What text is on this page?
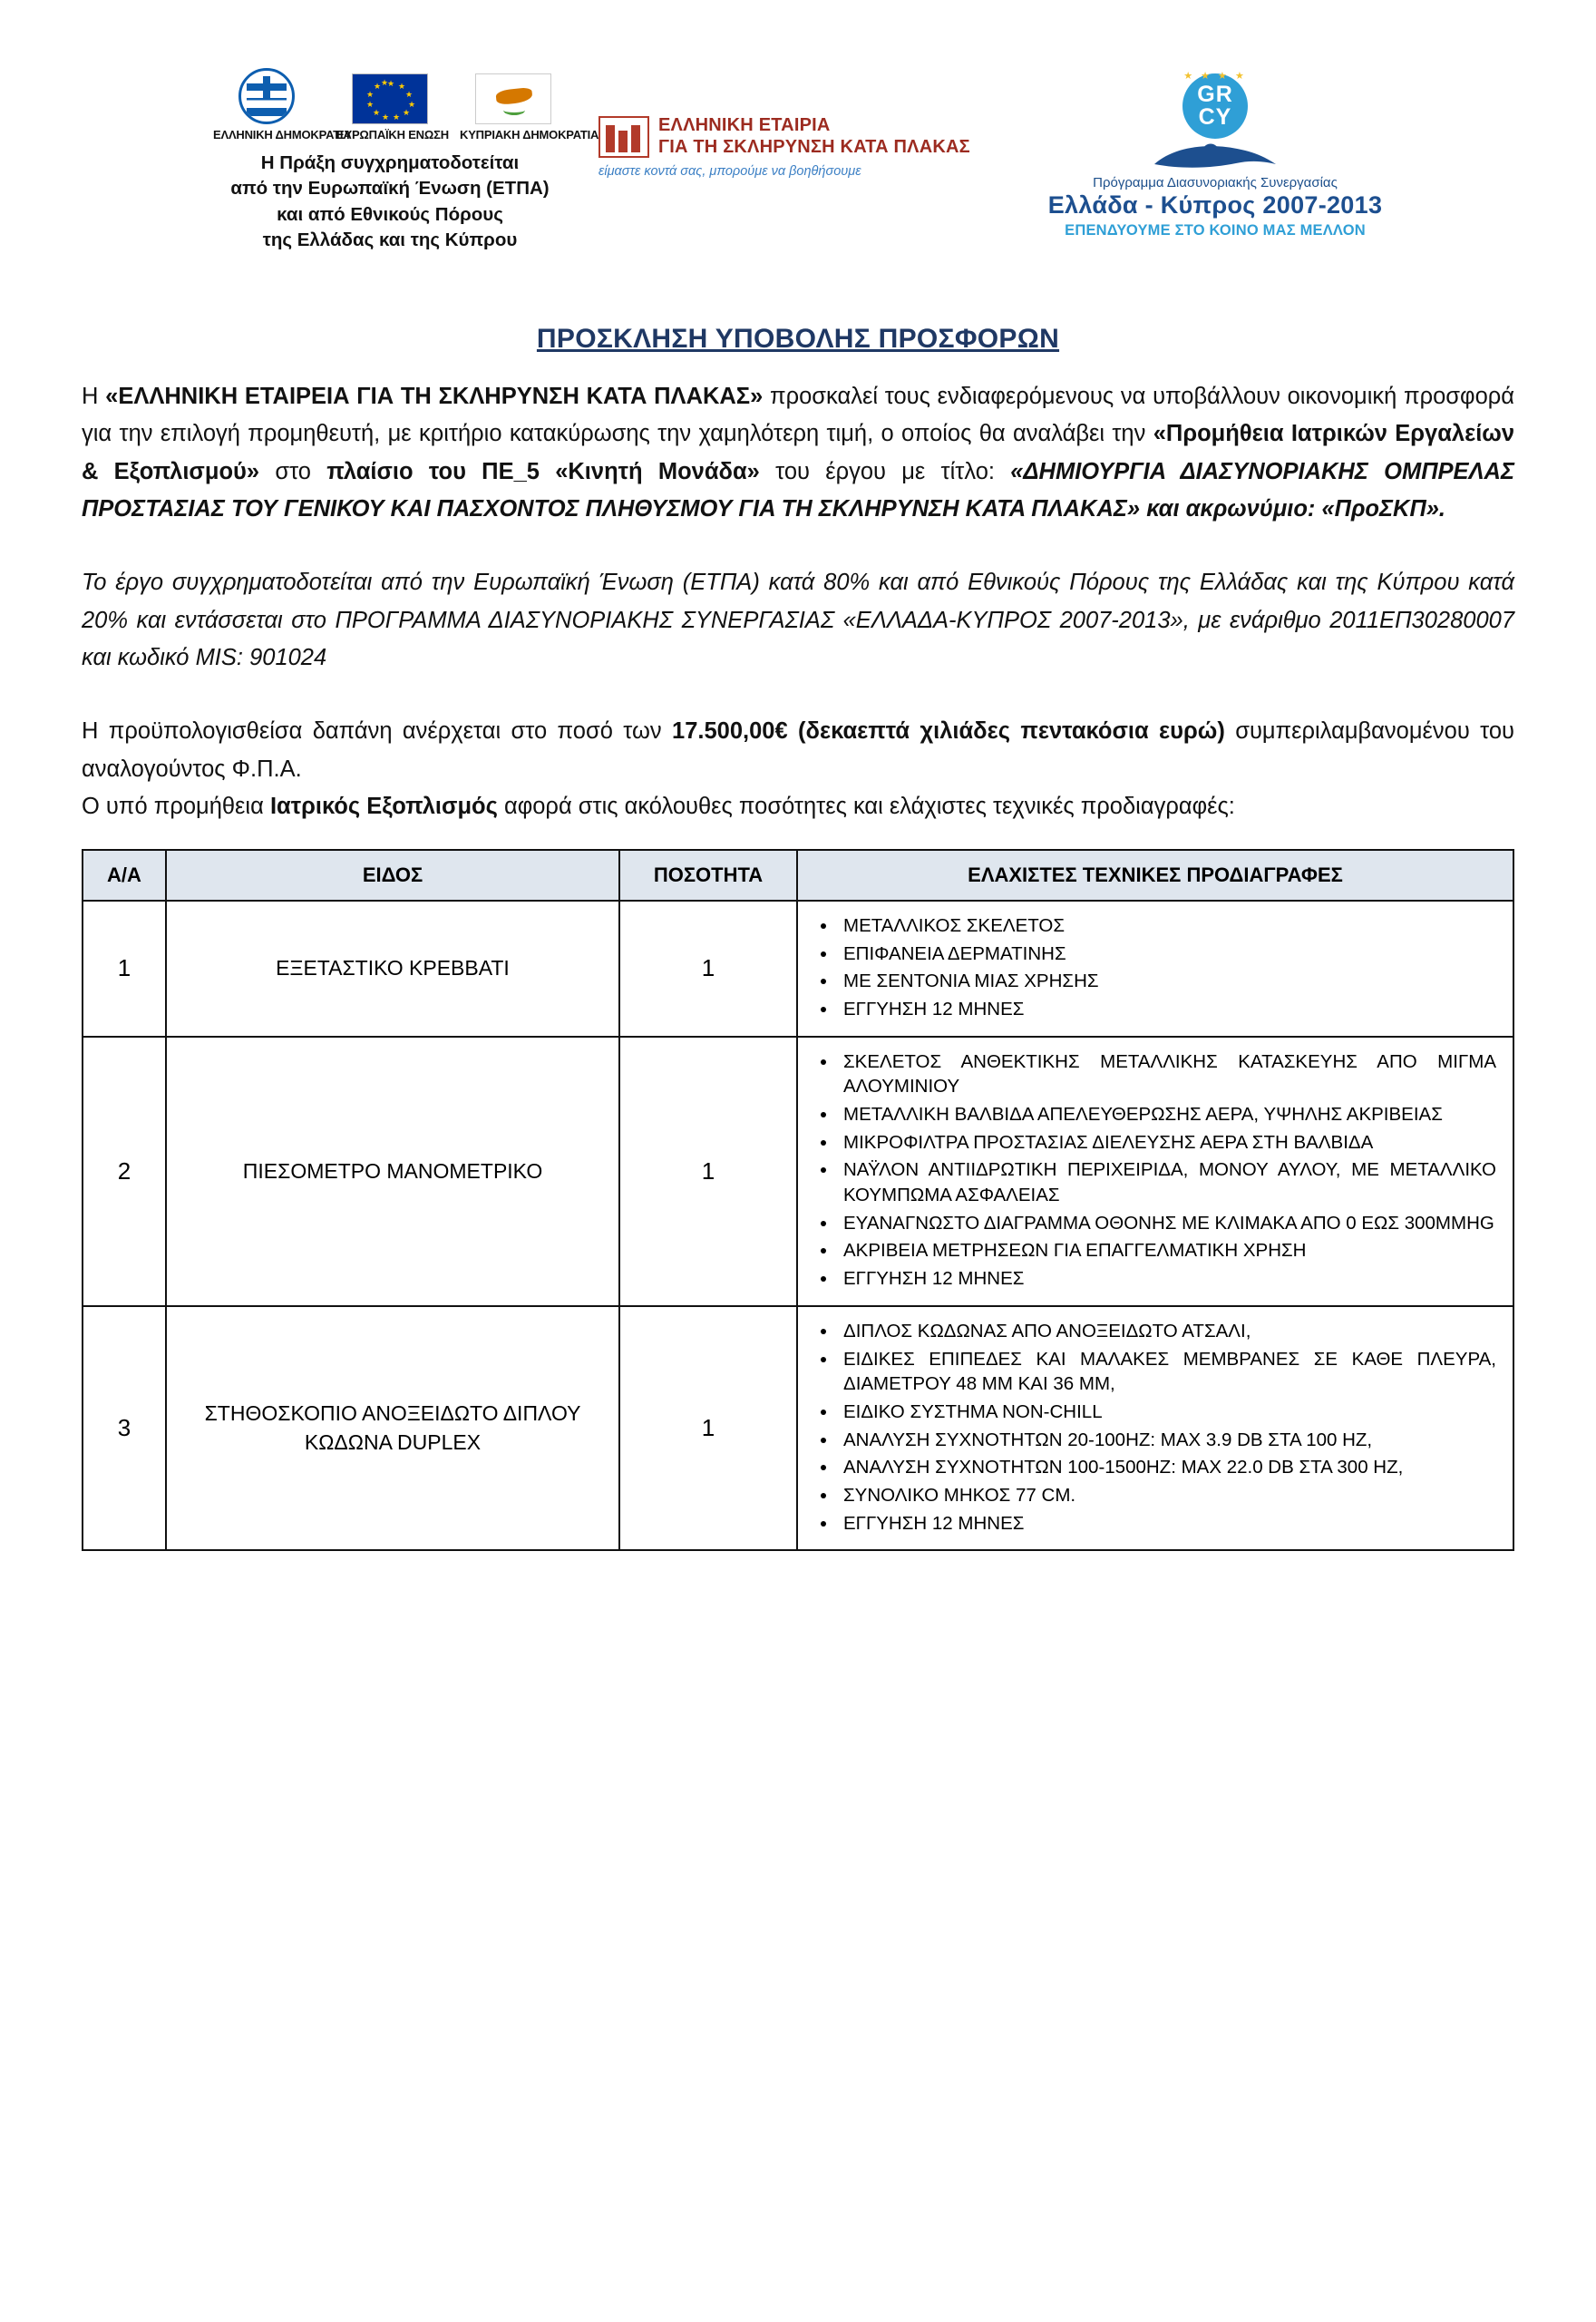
ΕΛΛΗΝΙΚΗ ΔΗΜΟΚΡΑΤΙΑ
★ ★
★
★
★
★
★
★
★
★
★ ★
ΕΥΡΩΠΑΪΚΗ ΕΝΩΣΗ ΚΥΠΡΙΑΚΗ ΔΗΜΟΚΡΑΤΙΑ
Η Πράξη συγχρηματοδοτείται
από την Ευρωπαϊκή Ένωση (ΕΤΠΑ)
και από Εθνικούς Πόρους
της Ελλάδας και της Κύπρου
ΕΛΛΗΝΙΚΗ ΕΤΑΙΡΙΑ
ΓΙΑ ΤΗ ΣΚΛΗΡΥΝΣΗ ΚΑΤΑ ΠΛΑΚΑΣ
είμαστε κοντά σας, μπορούμε να βοηθήσουμε
★ ★ ★ ★
GR
CY
Πρόγραμμα Διασυνοριακής Συνεργασίας
Ελλάδα - Κύπρος 2007-2013
ΕΠΕΝΔΥΟΥΜΕ ΣΤΟ ΚΟΙΝΟ ΜΑΣ ΜΕΛΛΟΝ
ΠΡΟΣΚΛΗΣΗ ΥΠΟΒΟΛΗΣ ΠΡΟΣΦΟΡΩΝ

Η «ΕΛΛΗΝΙΚΗ ΕΤΑΙΡΕΙΑ ΓΙΑ ΤΗ ΣΚΛΗΡΥΝΣΗ ΚΑΤΑ ΠΛΑΚΑΣ» προσκαλεί τους ενδιαφερόμενους να υποβάλλουν οικονομική προσφορά για την επιλογή προμηθευτή, με κριτήριο κατακύρωσης την χαμηλότερη τιμή, ο οποίος θα αναλάβει την «Προμήθεια Ιατρικών Εργαλείων & Εξοπλισμού» στο πλαίσιο του ΠΕ_5 «Κινητή Μονάδα» του έργου με τίτλο: «ΔΗΜΙΟΥΡΓΙΑ ΔΙΑΣΥΝΟΡΙΑΚΗΣ ΟΜΠΡΕΛΑΣ ΠΡΟΣΤΑΣΙΑΣ ΤΟΥ ΓΕΝΙΚΟΥ ΚΑΙ ΠΑΣΧΟΝΤΟΣ ΠΛΗΘΥΣΜΟΥ ΓΙΑ ΤΗ ΣΚΛΗΡΥΝΣΗ ΚΑΤΑ ΠΛΑΚΑΣ» και ακρωνύμιο: «ΠροΣΚΠ».

Το έργο συγχρηματοδοτείται από την Ευρωπαϊκή Ένωση (ΕΤΠΑ) κατά 80% και από Εθνικούς Πόρους της Ελλάδας και της Κύπρου κατά 20% και εντάσσεται στο ΠΡΟΓΡΑΜΜΑ ΔΙΑΣΥΝΟΡΙΑΚΗΣ ΣΥΝΕΡΓΑΣΙΑΣ «ΕΛΛΑΔΑ-ΚΥΠΡΟΣ 2007-2013», με ενάριθμο 2011ΕΠ30280007 και κωδικό MIS: 901024

Η προϋπολογισθείσα δαπάνη ανέρχεται στο ποσό των 17.500,00€ (δεκαεπτά χιλιάδες πεντακόσια ευρώ) συμπεριλαμβανομένου του αναλογούντος Φ.Π.Α.

Ο υπό προμήθεια Ιατρικός Εξοπλισμός αφορά στις ακόλουθες ποσότητες και ελάχιστες τεχνικές προδιαγραφές:

Α/Α	ΕΙΔΟΣ	ΠΟΣΟΤΗΤΑ	ΕΛΑΧΙΣΤΕΣ ΤΕΧΝΙΚΕΣ ΠΡΟΔΙΑΓΡΑΦΕΣ
1	ΕΞΕΤΑΣΤΙΚΟ ΚΡΕΒΒΑΤΙ	1	
• ΜΕΤΑΛΛΙΚΟΣ ΣΚΕΛΕΤΟΣ
• ΕΠΙΦΑΝΕΙΑ ΔΕΡΜΑΤΙΝΗΣ
• ΜΕ ΣΕΝΤΟΝΙΑ ΜΙΑΣ ΧΡΗΣΗΣ
• ΕΓΓΥΗΣΗ 12 ΜΗΝΕΣ

2	ΠΙΕΣΟΜΕΤΡΟ ΜΑΝΟΜΕΤΡΙΚΟ	1	
• ΣΚΕΛΕΤΟΣ ΑΝΘΕΚΤΙΚΗΣ ΜΕΤΑΛΛΙΚΗΣ ΚΑΤΑΣΚΕΥΗΣ ΑΠΟ ΜΙΓΜΑ ΑΛΟΥΜΙΝΙΟΥ
• ΜΕΤΑΛΛΙΚΗ ΒΑΛΒΙΔΑ ΑΠΕΛΕΥΘΕΡΩΣΗΣ ΑΕΡΑ, ΥΨΗΛΗΣ ΑΚΡΙΒΕΙΑΣ
• ΜΙΚΡΟΦΙΛΤΡΑ ΠΡΟΣΤΑΣΙΑΣ ΔΙΕΛΕΥΣΗΣ ΑΕΡΑ ΣΤΗ ΒΑΛΒΙΔΑ
• ΝΑΫΛΟΝ ΑΝΤΙΙΔΡΩΤΙΚΗ ΠΕΡΙΧΕΙΡΙΔΑ, ΜΟΝΟΥ ΑΥΛΟΥ, ΜΕ ΜΕΤΑΛΛΙΚΟ ΚΟΥΜΠΩΜΑ ΑΣΦΑΛΕΙΑΣ
• ΕΥΑΝΑΓΝΩΣΤΟ ΔΙΑΓΡΑΜΜΑ ΟΘΟΝΗΣ ΜΕ ΚΛΙΜΑΚΑ ΑΠΟ 0 ΕΩΣ 300MMHG
• ΑΚΡΙΒΕΙΑ ΜΕΤΡΗΣΕΩΝ ΓΙΑ ΕΠΑΓΓΕΛΜΑΤΙΚΗ ΧΡΗΣΗ
• ΕΓΓΥΗΣΗ 12 ΜΗΝΕΣ

3	ΣΤΗΘΟΣΚΟΠΙΟ ΑΝΟΞΕΙΔΩΤΟ ΔΙΠΛΟΥ ΚΩΔΩΝΑ DUPLEX	1	
• ΔΙΠΛΟΣ ΚΩΔΩΝΑΣ ΑΠΟ ΑΝΟΞΕΙΔΩΤΟ ΑΤΣΑΛΙ,
• ΕΙΔΙΚΕΣ ΕΠΙΠΕΔΕΣ ΚΑΙ ΜΑΛΑΚΕΣ ΜΕΜΒΡΑΝΕΣ ΣΕ ΚΑΘΕ ΠΛΕΥΡΑ, ΔΙΑΜΕΤΡΟΥ 48 ΜΜ ΚΑΙ 36 ΜΜ,
• ΕΙΔΙΚΟ ΣΥΣΤΗΜΑ NON-CHILL
• ΑΝΑΛΥΣΗ ΣΥΧΝΟΤΗΤΩΝ 20-100HZ: MAX 3.9 DB ΣΤΑ 100 HZ,
• ΑΝΑΛΥΣΗ ΣΥΧΝΟΤΗΤΩΝ 100-1500HZ: MAX 22.0 DB ΣΤΑ 300 HZ,
• ΣΥΝΟΛΙΚΟ ΜΗΚΟΣ 77 CM.
• ΕΓΓΥΗΣΗ 12 ΜΗΝΕΣ
